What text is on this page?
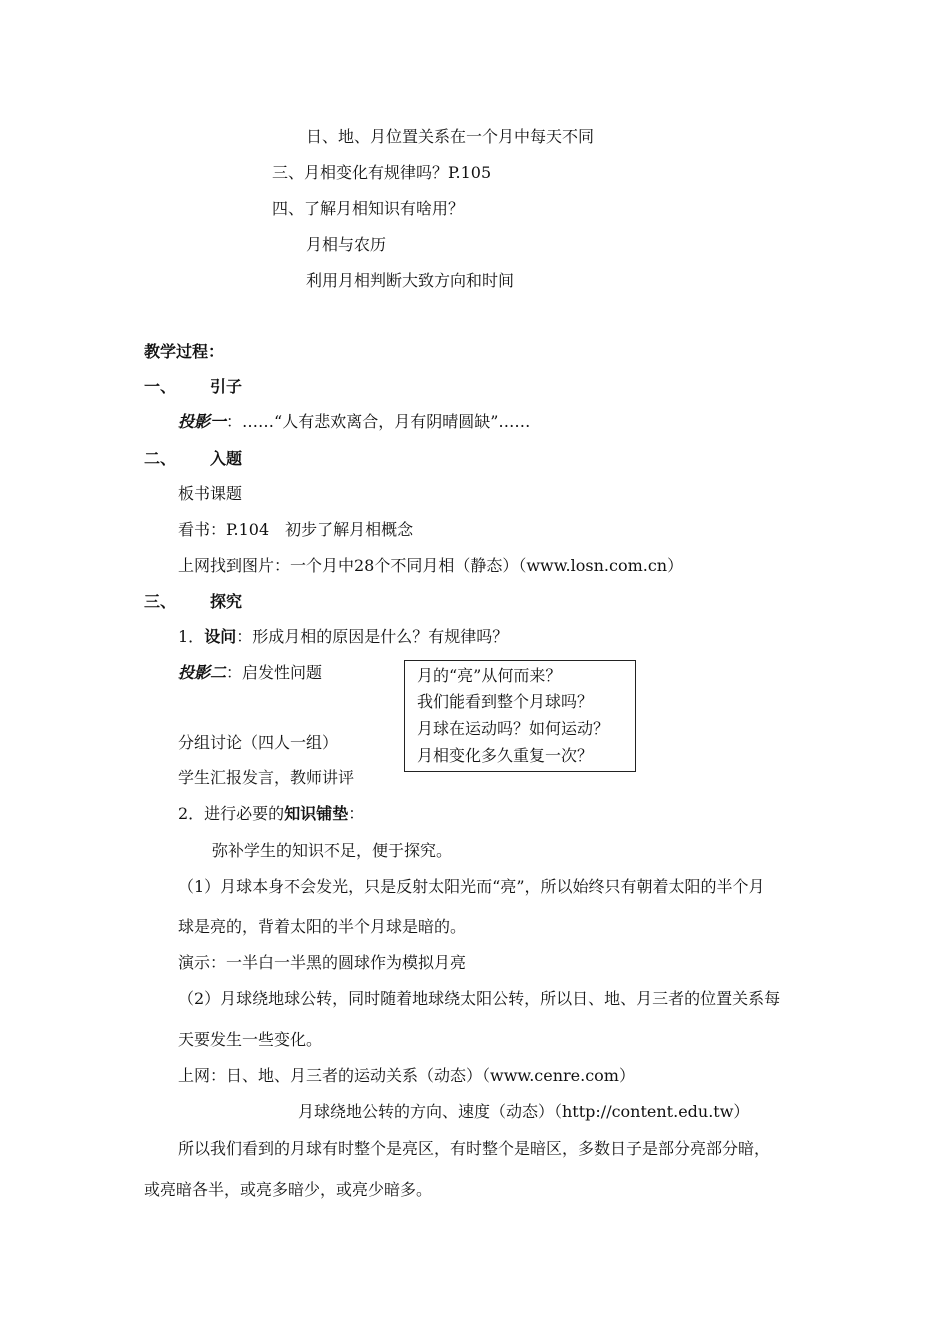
日、地、月位置关系在一个月中每天不同
三、月相变化有规律吗？P.105
四、了解月相知识有啥用？
月相与农历
利用月相判断大致方向和时间
教学过程：
一、 引子
投影一：……“人有悲欢离合，月有阴晴圆缺”……
二、 入题
板书课题
看书：P.104　初步了解月相概念
上网找到图片：一个月中28个不同月相（静态）（www.losn.com.cn）
三、 探究
1．设问：形成月相的原因是什么？有规律吗？
投影二：启发性问题	月的“亮”从何而来？
我们能看到整个月球吗？
月球在运动吗？如何运动？
月相变化多久重复一次？
分组讨论（四人一组）
学生汇报发言，教师讲评
2．进行必要的知识铺垫：
弥补学生的知识不足，便于探究。
（1）月球本身不会发光，只是反射太阳光而“亮”，所以始终只有朝着太阳的半个月
球是亮的，背着太阳的半个月球是暗的。
演示：一半白一半黑的圆球作为模拟月亮
（2）月球绕地球公转，同时随着地球绕太阳公转，所以日、地、月三者的位置关系每
天要发生一些变化。
上网：日、地、月三者的运动关系（动态）（www.cenre.com）
月球绕地公转的方向、速度（动态）（http://content.edu.tw）
所以我们看到的月球有时整个是亮区，有时整个是暗区，多数日子是部分亮部分暗，
或亮暗各半，或亮多暗少，或亮少暗多。
